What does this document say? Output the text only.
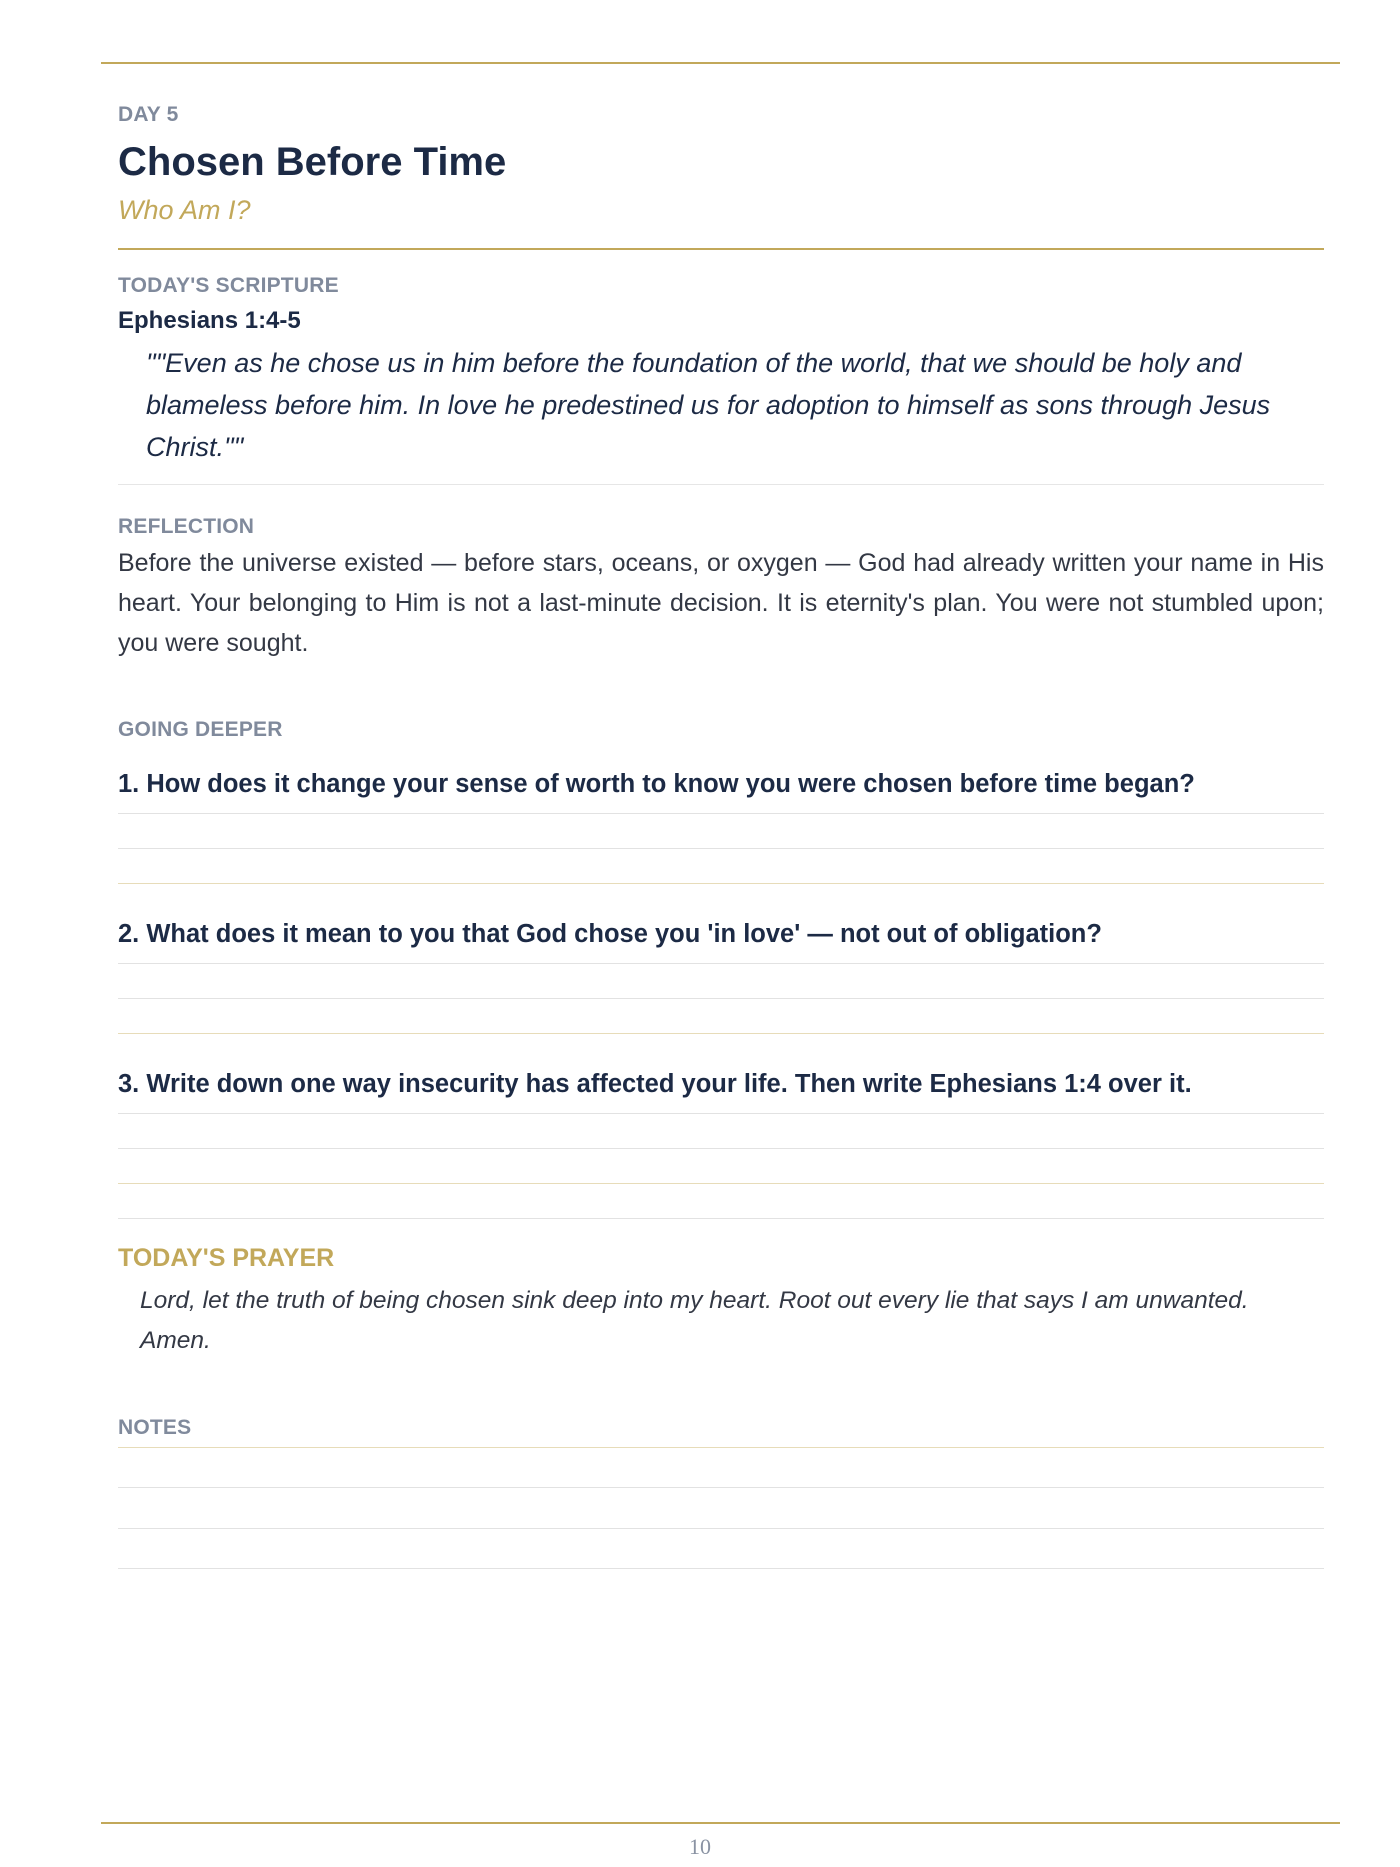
DAY 5
Chosen Before Time
Who Am I?
TODAY'S SCRIPTURE
Ephesians 1:4-5
""Even as he chose us in him before the foundation of the world, that we should be holy and blameless before him. In love he predestined us for adoption to himself as sons through Jesus Christ.""
REFLECTION
Before the universe existed — before stars, oceans, or oxygen — God had already written your name in His heart. Your belonging to Him is not a last-minute decision. It is eternity's plan. You were not stumbled upon; you were sought.
GOING DEEPER
1. How does it change your sense of worth to know you were chosen before time began?
2. What does it mean to you that God chose you 'in love' — not out of obligation?
3. Write down one way insecurity has affected your life. Then write Ephesians 1:4 over it.
TODAY'S PRAYER
Lord, let the truth of being chosen sink deep into my heart. Root out every lie that says I am unwanted. Amen.
NOTES
10
